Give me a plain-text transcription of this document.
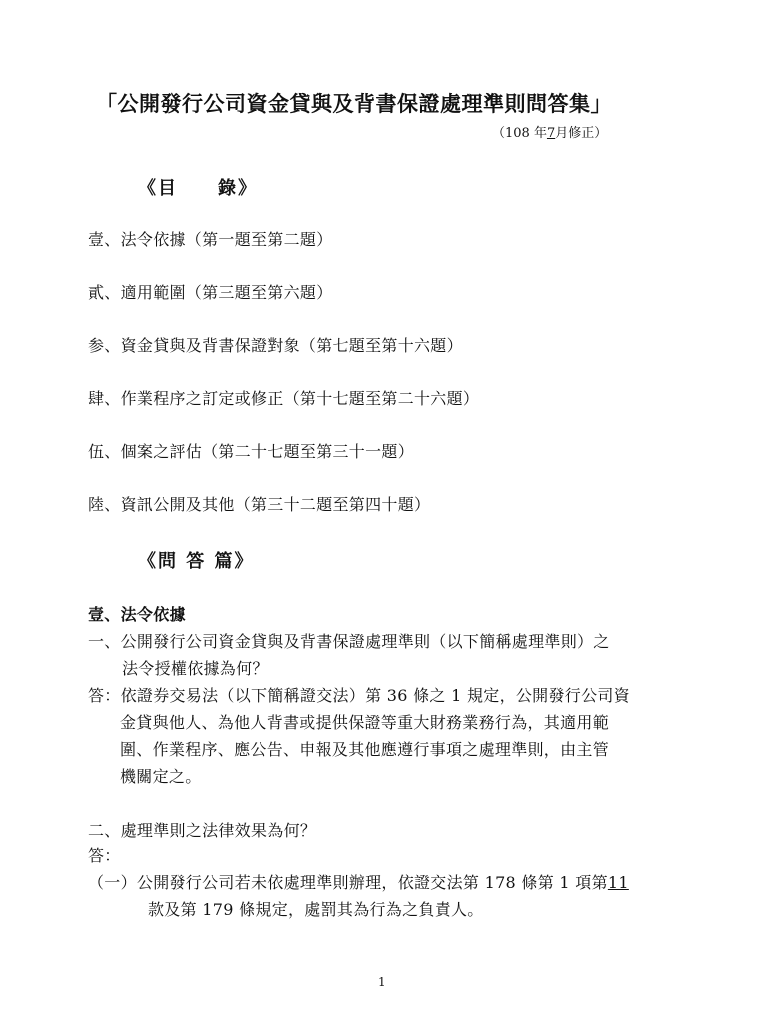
「公開發行公司資金貸與及背書保證處理準則問答集」
（108 年7月修正）
《目　　錄》
壹、法令依據（第一題至第二題）
貳、適用範圍（第三題至第六題）
参、資金貸與及背書保證對象（第七題至第十六題）
肆、作業程序之訂定或修正（第十七題至第二十六題）
伍、個案之評估（第二十七題至第三十一題）
陸、資訊公開及其他（第三十二題至第四十題）
《問 答 篇》
壹、法令依據
一、公開發行公司資金貸與及背書保證處理準則（以下簡稱處理準則）之
法令授權依據為何？
答：依證券交易法（以下簡稱證交法）第 36 條之 1 規定，公開發行公司資
金貸與他人、為他人背書或提供保證等重大財務業務行為，其適用範
圍、作業程序、應公告、申報及其他應遵行事項之處理準則，由主管
機關定之。
二、處理準則之法律效果為何？
答：
（一）公開發行公司若未依處理準則辦理，依證交法第 178 條第 1 項第11
款及第 179 條規定，處罰其為行為之負責人。
1
